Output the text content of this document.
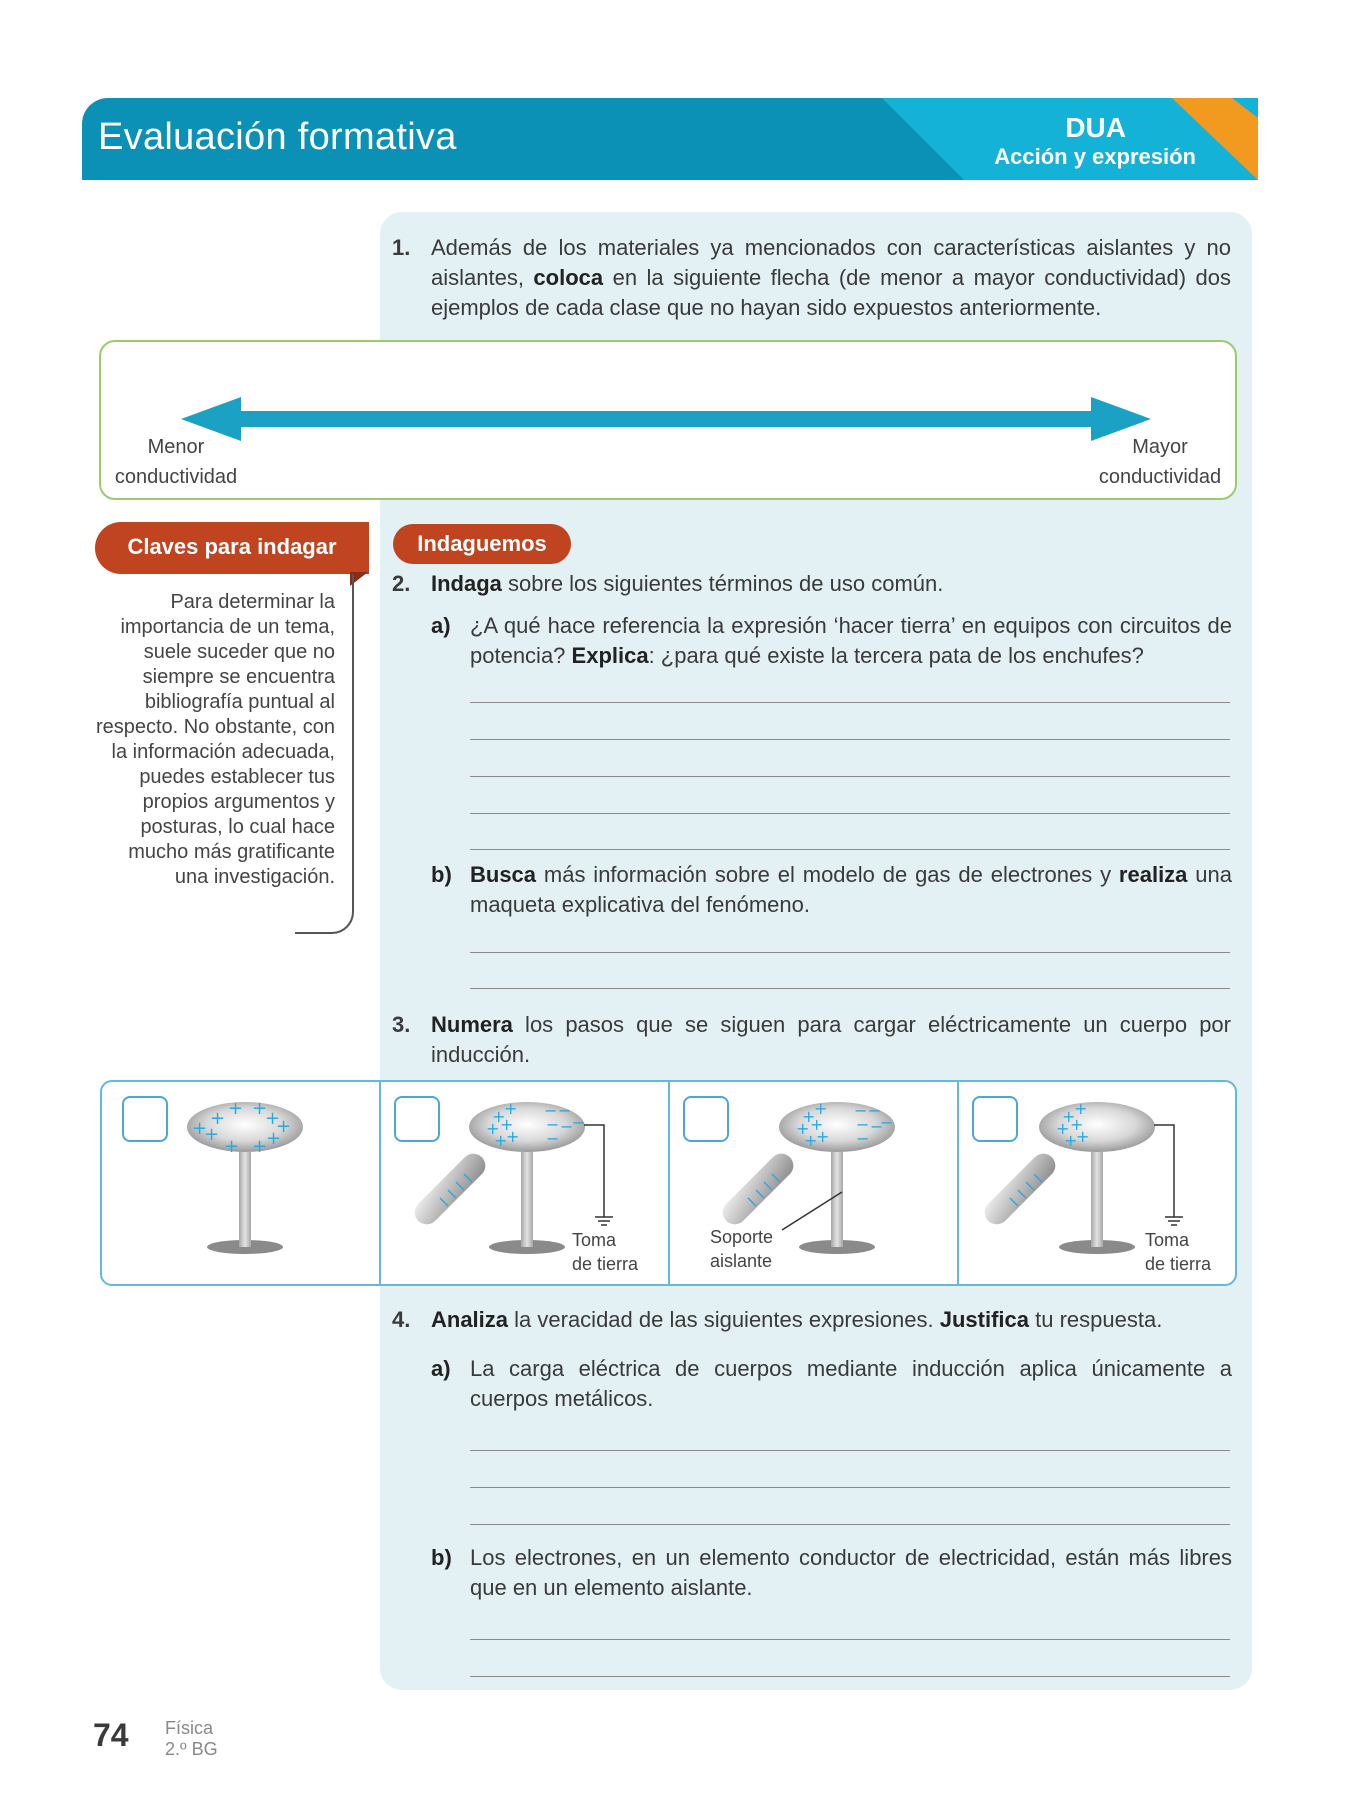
Evaluación formativa	DUA
Acción y expresión
1. Además de los materiales ya mencionados con características aislantes y no aislantes, coloca en la siguiente flecha (de menor a mayor conductividad) dos ejemplos de cada clase que no hayan sido expuestos anteriormente.
Menor
conductividad
Mayor
conductividad
Claves para indagar
Para determinar la importancia de un tema, suele suceder que no siempre se encuentra bibliografía puntual al respecto. No obstante, con la información adecuada, puedes establecer tus propios argumentos y posturas, lo cual hace mucho más gratificante una investigación.
Indaguemos
2. Indaga sobre los siguientes términos de uso común.
a) ¿A qué hace referencia la expresión ‘hacer tierra’ en equipos con circuitos de potencia? Explica: ¿para qué existe la tercera pata de los enchufes?
b) Busca más información sobre el modelo de gas de electrones y realiza una maqueta explicativa del fenómeno.
3. Numera los pasos que se siguen para cargar eléctricamente un cuerpo por inducción.
+ + +
+
+
+
+
+ +
+
+
+
+ +
+
+
− −
− −
−
−	+
+
+ +
+
+
− −
− −
−
−	+
+
+ +
+
+
Toma
de tierra
Soporte
aislante
Toma
de tierra
4. Analiza la veracidad de las siguientes expresiones. Justifica tu respuesta.
a) La carga eléctrica de cuerpos mediante inducción aplica únicamente a cuerpos metálicos.
b) Los electrones, en un elemento conductor de electricidad, están más libres que en un elemento aislante.
74 Física
2.º BG
